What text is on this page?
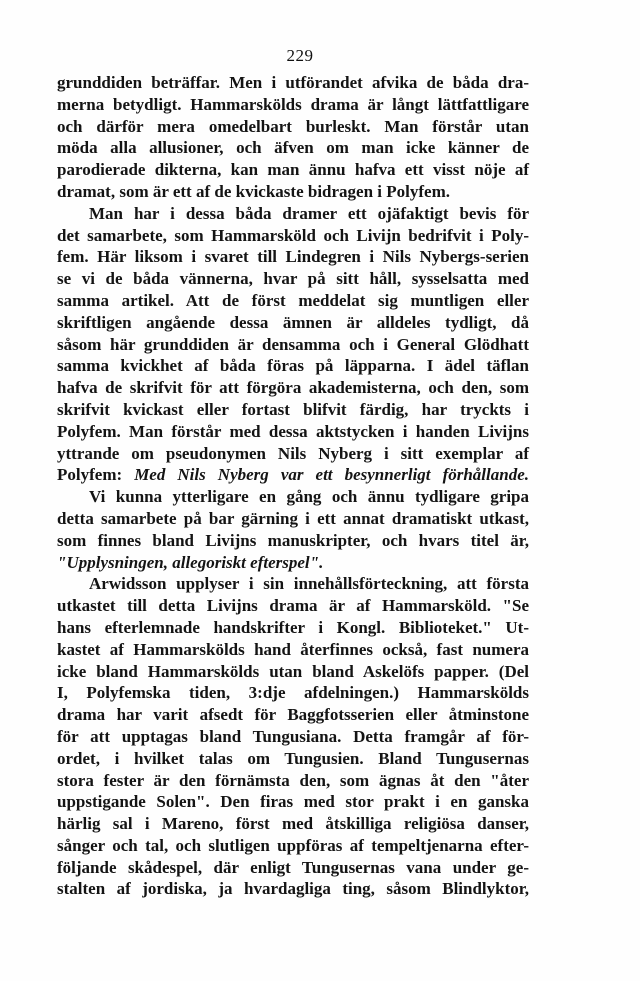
229
grunddiden beträffar. Men i utförandet afvika de båda dra-
merna betydligt. Hammarskölds drama är långt lättfattligare
och därför mera omedelbart burleskt. Man förstår utan
möda alla allusioner, och äfven om man icke känner de
parodierade dikterna, kan man ännu hafva ett visst nöje af
dramat, som är ett af de kvickaste bidragen i Polyfem.
Man har i dessa båda dramer ett ojäfaktigt bevis för
det samarbete, som Hammarsköld och Livijn bedrifvit i Poly-
fem. Här liksom i svaret till Lindegren i Nils Nybergs-serien
se vi de båda vännerna, hvar på sitt håll, sysselsatta med
samma artikel. Att de först meddelat sig muntligen eller
skriftligen angående dessa ämnen är alldeles tydligt, då
såsom här grunddiden är densamma och i General Glödhatt
samma kvickhet af båda föras på läpparna. I ädel täflan
hafva de skrifvit för att förgöra akademisterna, och den, som
skrifvit kvickast eller fortast blifvit färdig, har tryckts i
Polyfem. Man förstår med dessa aktstycken i handen Livijns
yttrande om pseudonymen Nils Nyberg i sitt exemplar af
Polyfem: Med Nils Nyberg var ett besynnerligt förhållande.
Vi kunna ytterligare en gång och ännu tydligare gripa
detta samarbete på bar gärning i ett annat dramatiskt utkast,
som finnes bland Livijns manuskripter, och hvars titel är,
"Upplysningen, allegoriskt efterspel".
Arwidsson upplyser i sin innehållsförteckning, att första
utkastet till detta Livijns drama är af Hammarsköld. "Se
hans efterlemnade handskrifter i Kongl. Biblioteket." Ut-
kastet af Hammarskölds hand återfinnes också, fast numera
icke bland Hammarskölds utan bland Askelöfs papper. (Del
I, Polyfemska tiden, 3:dje afdelningen.) Hammarskölds
drama har varit afsedt för Baggfotsserien eller åtminstone
för att upptagas bland Tungusiana. Detta framgår af för-
ordet, i hvilket talas om Tungusien. Bland Tungusernas
stora fester är den förnämsta den, som ägnas åt den "åter
uppstigande Solen". Den firas med stor prakt i en ganska
härlig sal i Mareno, först med åtskilliga religiösa danser,
sånger och tal, och slutligen uppföras af tempeltjenarna efter-
följande skådespel, där enligt Tungusernas vana under ge-
stalten af jordiska, ja hvardagliga ting, såsom Blindlyktor,
